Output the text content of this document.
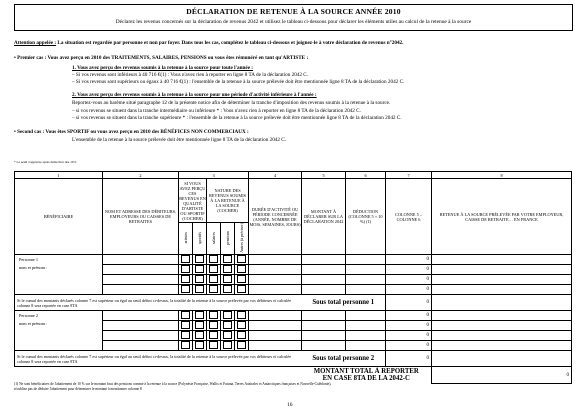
DÉCLARATION DE RETENUE À LA SOURCE ANNÉE 2010
Déclarez les revenus concernés sur la déclaration de revenus 2042 et utilisez le tableau ci-dessous pour déclarer les éléments utiles au calcul de la retenue à la source
Attention appelée : La situation est regardée par personne et non par foyer. Dans tous les cas, complétez le tableau ci-dessous et joignez-le à votre déclaration de revenus n°2042.
• Premier cas : Vous avez perçu en 2010 des TRAITEMENTS, SALAIRES, PENSIONS ou vous êtes rémunéré en tant qu'ARTISTE :
1. Vous avez perçu des revenus soumis à la retenue à la source pour toute l'année :
– Si vos revenus sont inférieurs à 40 716 €(1) : Vous n'avez rien à reporter en ligne 8 TA de la déclaration 2042 C.
– Si vos revenus sont supérieurs ou égaux à 40 716 €(1) : l'ensemble de la retenue à la source prélevée doit être mentionnée ligne 8 TA de la déclaration 2042 C.
2. Vous avez perçu des revenus soumis à la retenue à la source pour une période d'activité inférieure à l'année :
Reportez-vous au barème situé paragraphe 12 de la présente notice afin de déterminer la tranche d'imposition des revenus soumis à la retenue à la source.
– si vos revenus se situent dans la tranche intermédiaire ou inférieure * : Vous n'avez rien à reporter en ligne 8 TA de la déclaration 2042 C.
– si vos revenus se situent dans la tranche supérieure * : l'ensemble de la retenue à la source prélevée doit être mentionnée ligne 8 TA de la déclaration 2042 C.
• Second cas : Vous êtes SPORTIF ou vous avez perçu en 2010 des BÉNÉFICES NON COMMERCIAUX :
L'ensemble de la retenue à la source prélevée doit être mentionnée ligne 8 TA de la déclaration 2042 C.
* Le seuil s'apprécie après déduction des 10%
1	2	3					4	5	6	7	8
BÉNÉFICIAIRE	NOM ET ADRESSE DES DÉBITEURS, EMPLOYEURS OU CAISSES DE RETRAITES	SI VOUS AVEZ PERÇU CES REVENUS EN QUALITÉ D'ARTISTE OU SPORTIF (COCHER)		NATURE DES REVENUS SOUMIS À LA RETENUE À LA SOURCE (COCHER)			DURÉE D'ACTIVITÉ OU PÉRIODE CONCERNÉE (ANNÉE, NOMBRE DE MOIS, SEMAINES, JOURS)	MONTANT À DÉCLARER SUR LA DÉCLARATION 2042	DÉDUCTION (COLONNE 5 × 10 %) (1)	COLONNE 5 – COLONNE 6	RETENUE À LA SOURCE PRÉLEVÉE PAR VOTRE EMPLOYEUR, CAISSE DE RETRAITE… EN FRANCE
		artistes	sportifs	salaires	pensions	Autres (à préciser)					

Personne 1
nom et prénom :										0	
										0	
										0	
										0	
Si le cumul des montants déclarés colonne 7 est supérieur ou égal au seuil défini ci-dessus, la totalité de la retenue à la source prélevée par vos débiteurs et calculée colonne 8 sera reportée en case 8TA								Sous total personne 1		0	

Personne 2
nom et prénom :										0	
										0	
										0	
										0	
Si le cumul des montants déclarés colonne 7 est supérieur ou égal au seuil défini ci-dessus, la totalité de la retenue à la source prélevée par vos débiteurs et calculée colonne 8 sera reportée en case 8TA								Sous total personne 2		0	

								MONTANT TOTAL À REPORTER
EN CASE 8TA DE LA 2042-C			0
(1) Ne sont bénéficiaires de l'abattement de 10 % sur le montant brut des pensions comme à la retenue à la source (Polynésie Française, Wallis et Futuna, Terres Australes et Antarctiques françaises et Nouvelle-Calédonie), n'oubliez pas de déduire l'abattement pour déterminer le montant à mentionner colonne 8
16
